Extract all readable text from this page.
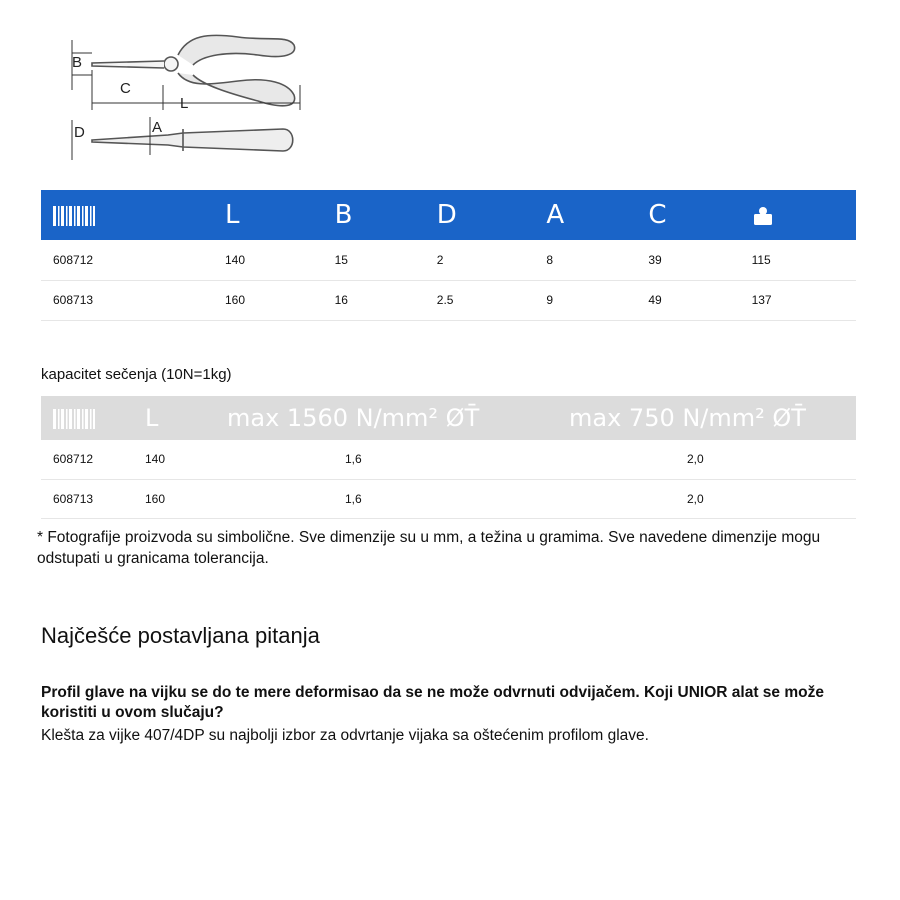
B
C
L
D	A
	L	B	D	A	C	
608712	140	15	2	8	39	115
608713	160	16	2.5	9	49	137
kapacitet sečenja (10N=1kg)
	L	max 1560 N/mm² ØT̄	max 750 N/mm² ØT̄
608712	140	1,6	2,0
608713	160	1,6	2,0
* Fotografije proizvoda su simbolične. Sve dimenzije su u mm, a težina u gramima. Sve navedene dimenzije mogu odstupati u granicama tolerancija.
Najčešće postavljana pitanja
Profil glave na vijku se do te mere deformisao da se ne može odvrnuti odvijačem. Koji UNIOR alat se može koristiti u ovom slučaju?
Klešta za vijke 407/4DP su najbolji izbor za odvrtanje vijaka sa oštećenim profilom glave.
